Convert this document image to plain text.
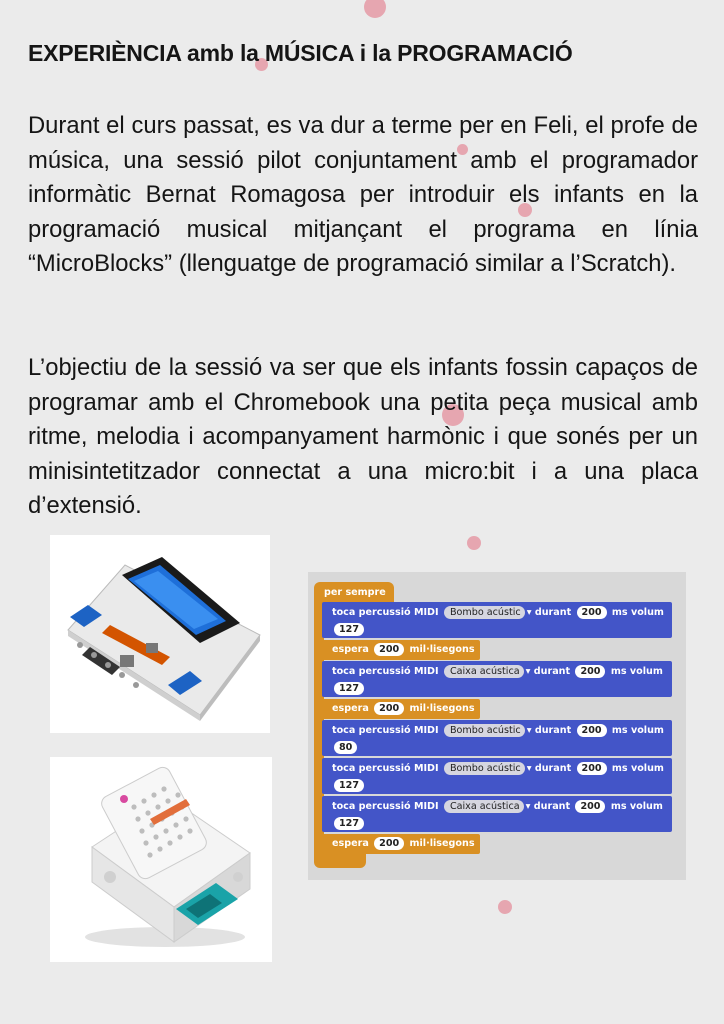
EXPERIÈNCIA amb la MÚSICA i la PROGRAMACIÓ

Durant el curs passat, es va dur a terme per en Feli, el profe de música, una sessió pilot conjuntament amb el programador informàtic Bernat Romagosa per introduir els infants en la programació musical mitjançant el programa en línia “MicroBlocks” (llenguatge de programació similar a l’Scratch).

L’objectiu de la sessió va ser que els infants fossin capaços de programar amb el Chromebook una petita peça musical amb ritme, melodia i acompanyament harmònic i que sonés per un minisintetitzador connectat a una micro:bit i a una placa d’extensió.

per sempre
toca percussió MIDI Bombo acústic ▾ durant 200 ms volum
127
espera 200 mil·lisegons
toca percussió MIDI Caixa acústica ▾ durant 200 ms volum
127
espera 200 mil·lisegons
toca percussió MIDI Bombo acústic ▾ durant 200 ms volum
80
toca percussió MIDI Bombo acústic ▾ durant 200 ms volum
127
toca percussió MIDI Caixa acústica ▾ durant 200 ms volum
127
espera 200 mil·lisegons
